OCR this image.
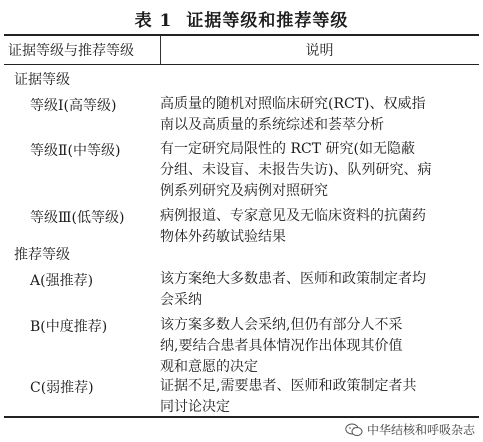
表 1 证据等级和推荐等级
证据等级与推荐等级	说明
证据等级
等级Ⅰ(高等级)	高质量的随机对照临床研究(RCT)、权威指
南以及高质量的系统综述和荟萃分析
等级Ⅱ(中等级)	有一定研究局限性的 RCT 研究(如无隐蔽
分组、未设盲、未报告失访)、队列研究、病
例系列研究及病例对照研究
等级Ⅲ(低等级)	病例报道、专家意见及无临床资料的抗菌药
物体外药敏试验结果
推荐等级
A(强推荐)	该方案绝大多数患者、医师和政策制定者均
会采纳
B(中度推荐)	该方案多数人会采纳,但仍有部分人不采
纳,要结合患者具体情况作出体现其价值
观和意愿的决定
C(弱推荐)	证据不足,需要患者、医师和政策制定者共
同讨论决定
中华结核和呼吸杂志
